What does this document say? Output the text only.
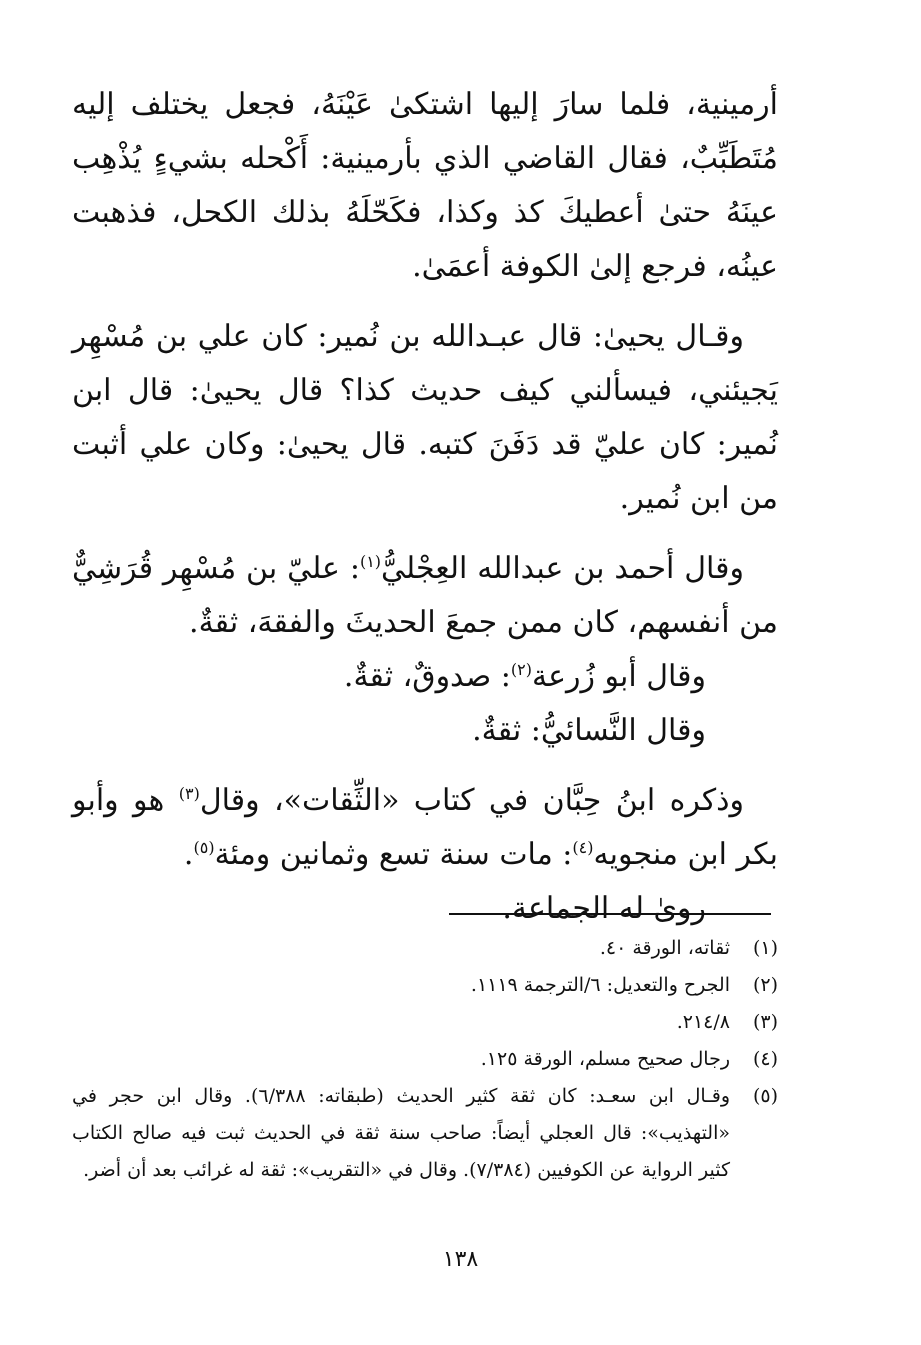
أرمينية، فلما سارَ إليها اشتكىٰ عَيْنَهُ، فجعل يختلف إليه مُتَطَبِّبٌ، فقال القاضي الذي بأرمينية: أَكْحله بشيءٍ يُذْهِب عينَهُ حتىٰ أعطيكَ كذ وكذا، فكَحّلَهُ بذلك الكحل، فذهبت عينُه، فرجع إلىٰ الكوفة أعمَىٰ.

وقـال يحيىٰ: قال عبـدالله بن نُمير: كان علي بن مُسْهِر يَجيئني، فيسألني كيف حديث كذا؟ قال يحيىٰ: قال ابن نُمير: كان عليّ قد دَفَنَ كتبه. قال يحيىٰ: وكان علي أثبت من ابن نُمير.

وقال أحمد بن عبدالله العِجْليُّ$^{(١)}$: عليّ بن مُسْهِر قُرَشِيٌّ من أنفسهم، كان ممن جمعَ الحديثَ والفقهَ، ثقةٌ.

وقال أبو زُرعة$^{(٢)}$: صدوقٌ، ثقةٌ.

وقال النَّسائيُّ: ثقةٌ.

وذكره ابنُ حِبَّان في كتاب «الثِّقات»، وقال$^{(٣)}$ هو وأبو بكر ابن منجويه$^{(٤)}$: مات سنة تسع وثمانين ومئة$^{(٥)}$.

روىٰ له الجماعة.

(١)
ثقاته، الورقة ٤٠.
(٢)
الجرح والتعديل: ٦/الترجمة ١١١٩.
(٣)
٢١٤/٨.
(٤)
رجال صحيح مسلم، الورقة ١٢٥.
(٥)
وقـال ابن سعـد: كان ثقة كثير الحديث (طبقاته: ٦/٣٨٨). وقال ابن حجر في «التهذيب»: قال العجلي أيضاً: صاحب سنة ثقة في الحديث ثبت فيه صالح الكتاب كثير الرواية عن الكوفيين (٧/٣٨٤). وقال في «التقريب»: ثقة له غرائب بعد أن أضر.
١٣٨
